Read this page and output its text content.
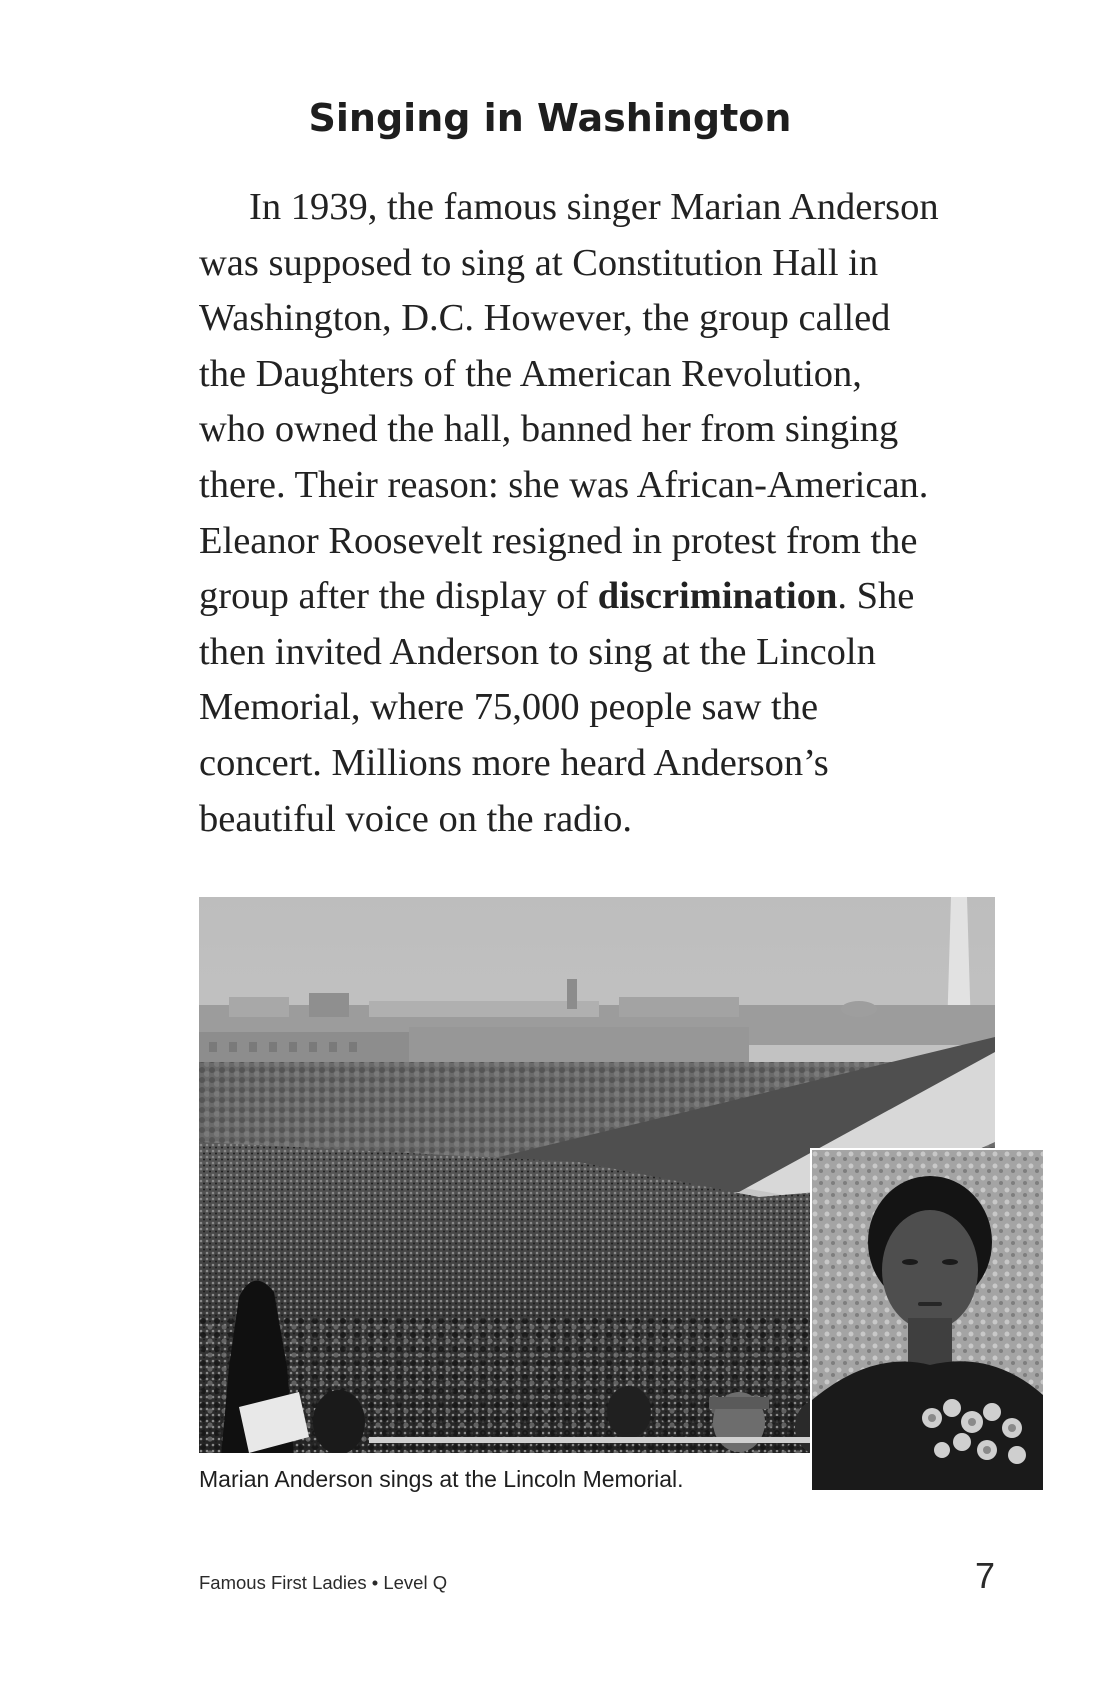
Singing in Washington
In 1939, the famous singer Marian Anderson
was supposed to sing at Constitution Hall in
Washington, D.C. However, the group called
the Daughters of the American Revolution,
who owned the hall, banned her from singing
there. Their reason: she was African-American.
Eleanor Roosevelt resigned in protest from the
group after the display of discrimination. She
then invited Anderson to sing at the Lincoln
Memorial, where 75,000 people saw the
concert. Millions more heard Anderson’s
beautiful voice on the radio.

Marian Anderson sings at the Lincoln Memorial.

Famous First Ladies • Level Q	7
